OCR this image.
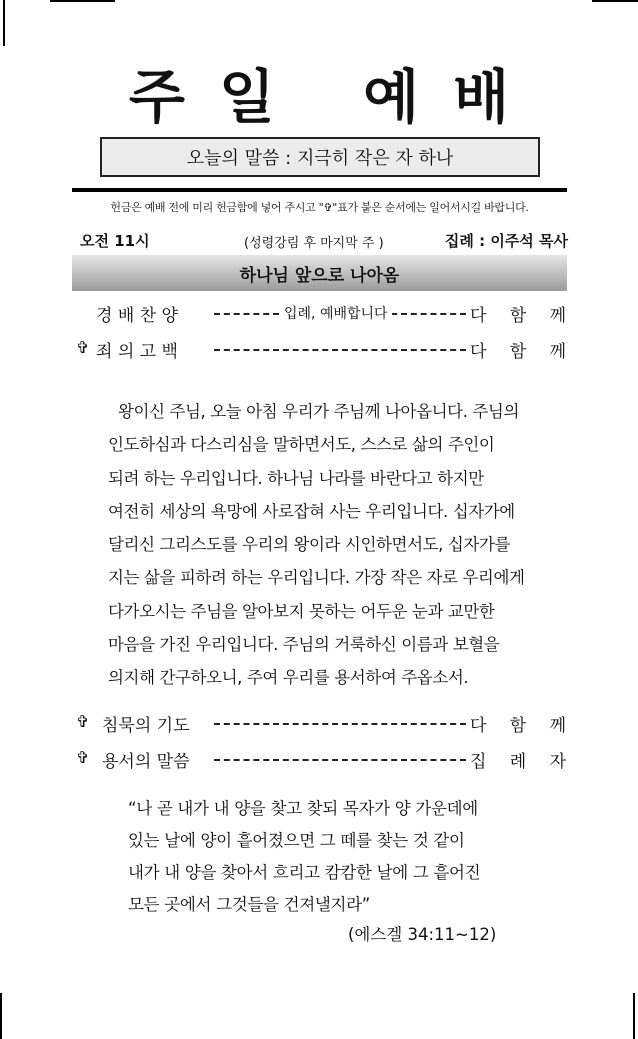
주일 예배
오늘의 말씀 : 지극히 작은 자 하나
헌금은 예배 전에 미리 헌금함에 넣어 주시고 "✞"표가 붙은 순서에는 일어서시길 바랍니다.
오전 11시	(성령강림 후 마지막 주 )	집례 : 이주석 목사
하나님 앞으로 나아옴
경 배 찬 양	입례, 예배합니다	다 함 께
✞ 죄 의 고 백	다 함 께
왕이신 주님, 오늘 아침 우리가 주님께 나아옵니다. 주님의
인도하심과 다스리심을 말하면서도, 스스로 삶의 주인이
되려 하는 우리입니다. 하나님 나라를 바란다고 하지만
여전히 세상의 욕망에 사로잡혀 사는 우리입니다. 십자가에
달리신 그리스도를 우리의 왕이라 시인하면서도, 십자가를
지는 삶을 피하려 하는 우리입니다. 가장 작은 자로 우리에게
다가오시는 주님을 알아보지 못하는 어두운 눈과 교만한
마음을 가진 우리입니다. 주님의 거룩하신 이름과 보혈을
의지해 간구하오니, 주여 우리를 용서하여 주옵소서.
✞ 침묵의 기도	다 함 께
✞ 용서의 말씀	집 례 자
“나 곧 내가 내 양을 찾고 찾되 목자가 양 가운데에
있는 날에 양이 흩어졌으면 그 떼를 찾는 것 같이
내가 내 양을 찾아서 흐리고 캄캄한 날에 그 흩어진
모든 곳에서 그것들을 건져낼지라”
(에스겔 34:11~12)
